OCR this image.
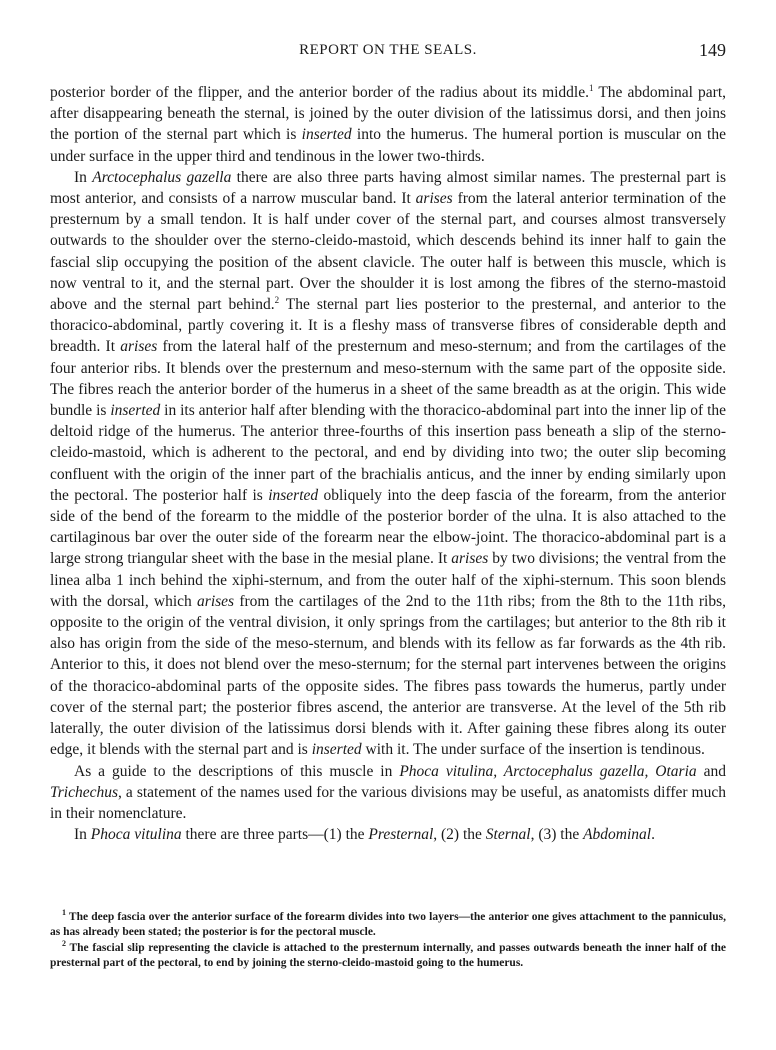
REPORT ON THE SEALS.	149

posterior border of the flipper, and the anterior border of the radius about its middle.$^1$ The abdominal part, after disappearing beneath the sternal, is joined by the outer division of the latissimus dorsi, and then joins the portion of the sternal part which is inserted into the humerus. The humeral portion is muscular on the under surface in the upper third and tendinous in the lower two-thirds.

In Arctocephalus gazella there are also three parts having almost similar names. The presternal part is most anterior, and consists of a narrow muscular band. It arises from the lateral anterior termination of the presternum by a small tendon. It is half under cover of the sternal part, and courses almost transversely outwards to the shoulder over the sterno-cleido-mastoid, which descends behind its inner half to gain the fascial slip occupying the position of the absent clavicle. The outer half is between this muscle, which is now ventral to it, and the sternal part. Over the shoulder it is lost among the fibres of the sterno-mastoid above and the sternal part behind.$^2$ The sternal part lies posterior to the presternal, and anterior to the thoracico-abdominal, partly covering it. It is a fleshy mass of transverse fibres of considerable depth and breadth. It arises from the lateral half of the presternum and meso-sternum; and from the cartilages of the four anterior ribs. It blends over the presternum and meso-sternum with the same part of the opposite side. The fibres reach the anterior border of the humerus in a sheet of the same breadth as at the origin. This wide bundle is inserted in its anterior half after blending with the thoracico-abdominal part into the inner lip of the deltoid ridge of the humerus. The anterior three-fourths of this insertion pass beneath a slip of the sterno-cleido-mastoid, which is adherent to the pectoral, and end by dividing into two; the outer slip becoming confluent with the origin of the inner part of the brachialis anticus, and the inner by ending similarly upon the pectoral. The posterior half is inserted obliquely into the deep fascia of the forearm, from the anterior side of the bend of the forearm to the middle of the posterior border of the ulna. It is also attached to the cartilaginous bar over the outer side of the forearm near the elbow-joint. The thoracico-abdominal part is a large strong triangular sheet with the base in the mesial plane. It arises by two divisions; the ventral from the linea alba 1 inch behind the xiphi-sternum, and from the outer half of the xiphi-sternum. This soon blends with the dorsal, which arises from the cartilages of the 2nd to the 11th ribs; from the 8th to the 11th ribs, opposite to the origin of the ventral division, it only springs from the cartilages; but anterior to the 8th rib it also has origin from the side of the meso-sternum, and blends with its fellow as far forwards as the 4th rib. Anterior to this, it does not blend over the meso-sternum; for the sternal part intervenes between the origins of the thoracico-abdominal parts of the opposite sides. The fibres pass towards the humerus, partly under cover of the sternal part; the posterior fibres ascend, the anterior are transverse. At the level of the 5th rib laterally, the outer division of the latissimus dorsi blends with it. After gaining these fibres along its outer edge, it blends with the sternal part and is inserted with it. The under surface of the insertion is tendinous.

As a guide to the descriptions of this muscle in Phoca vitulina, Arctocephalus gazella, Otaria and Trichechus, a statement of the names used for the various divisions may be useful, as anatomists differ much in their nomenclature.

In Phoca vitulina there are three parts—(1) the Presternal, (2) the Sternal, (3) the Abdominal.

$^1$ The deep fascia over the anterior surface of the forearm divides into two layers—the anterior one gives attachment to the panniculus, as has already been stated; the posterior is for the pectoral muscle.

$^2$ The fascial slip representing the clavicle is attached to the presternum internally, and passes outwards beneath the inner half of the presternal part of the pectoral, to end by joining the sterno-cleido-mastoid going to the humerus.
